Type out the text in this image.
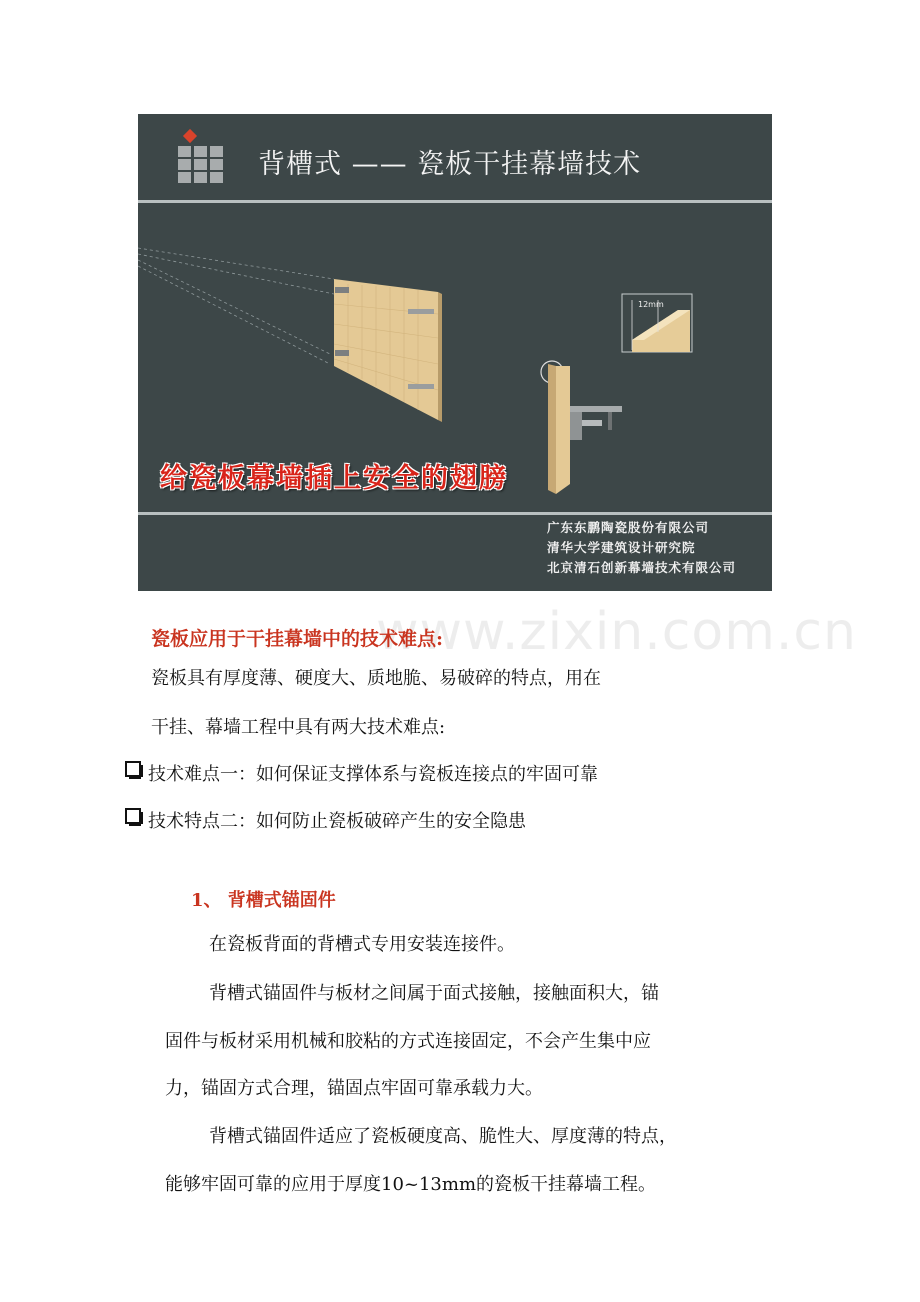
12mm
背槽式 —— 瓷板干挂幕墙技术
给瓷板幕墙插上安全的翅膀
广东东鹏陶瓷股份有限公司
清华大学建筑设计研究院
北京清石创新幕墙技术有限公司
www.zixin.com.cn
瓷板应用于干挂幕墙中的技术难点:
瓷板具有厚度薄、硬度大、质地脆、易破碎的特点，用在
干挂、幕墙工程中具有两大技术难点:
技术难点一：如何保证支撑体系与瓷板连接点的牢固可靠
技术特点二：如何防止瓷板破碎产生的安全隐患
1、 背槽式锚固件
在瓷板背面的背槽式专用安装连接件。
背槽式锚固件与板材之间属于面式接触，接触面积大，锚
固件与板材采用机械和胶粘的方式连接固定，不会产生集中应
力，锚固方式合理，锚固点牢固可靠承载力大。
背槽式锚固件适应了瓷板硬度高、脆性大、厚度薄的特点，
能够牢固可靠的应用于厚度10~13mm的瓷板干挂幕墙工程。
